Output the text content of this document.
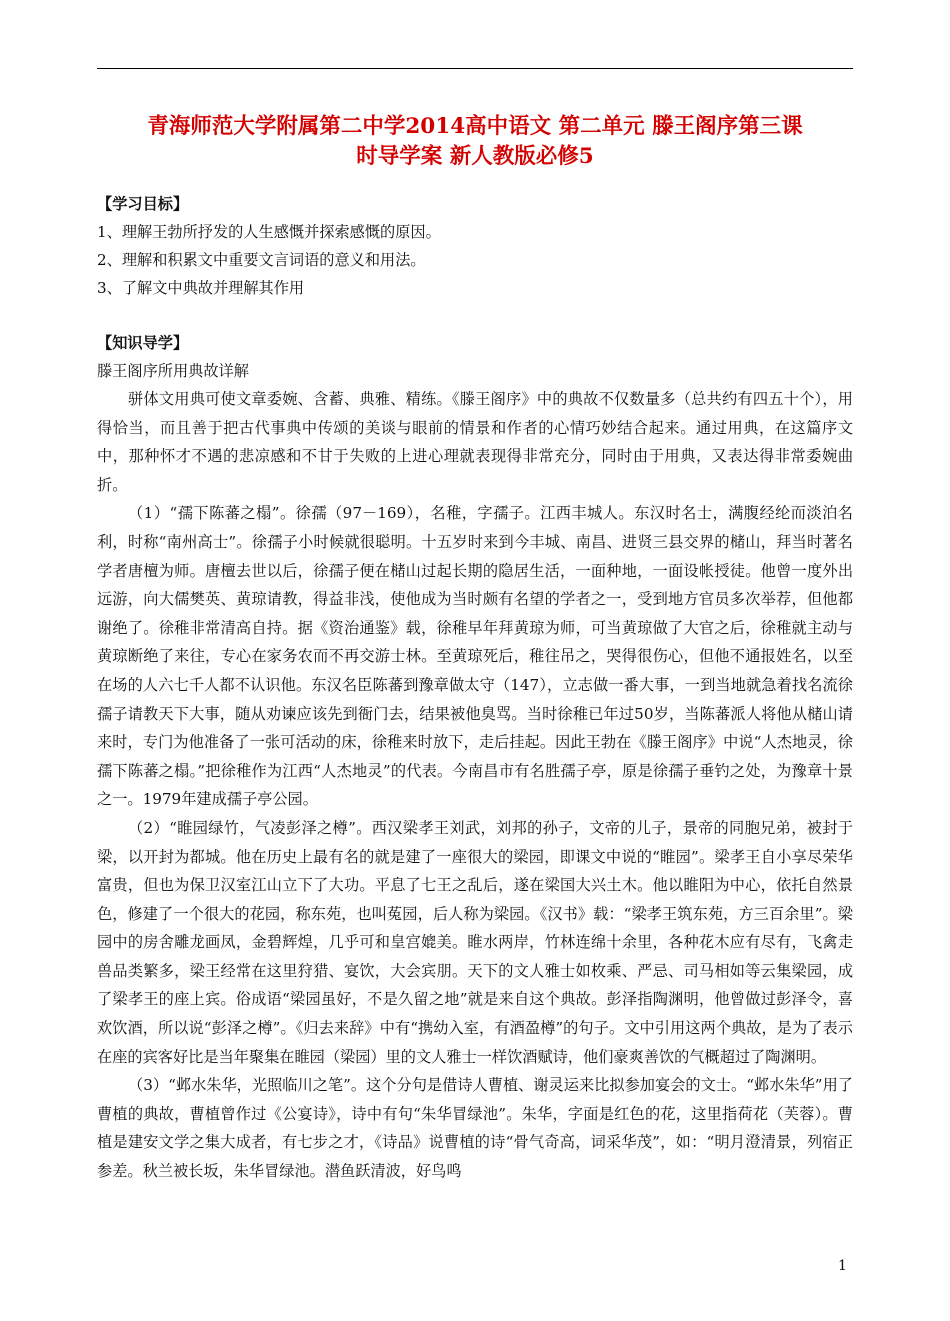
青海师范大学附属第二中学2014高中语文 第二单元 滕王阁序第三课
时导学案 新人教版必修5

【学习目标】

1、理解王勃所抒发的人生感慨并探索感慨的原因。

2、理解和积累文中重要文言词语的意义和用法。

3、了解文中典故并理解其作用

【知识导学】

滕王阁序所用典故详解

骈体文用典可使文章委婉、含蓄、典雅、精练。《滕王阁序》中的典故不仅数量多（总共约有四五十个），用得恰当，而且善于把古代事典中传颂的美谈与眼前的情景和作者的心情巧妙结合起来。通过用典，在这篇序文中，那种怀才不遇的悲凉感和不甘于失败的上进心理就表现得非常充分，同时由于用典，又表达得非常委婉曲折。

（1）“孺下陈蕃之榻”。徐孺（97－169），名稚，字孺子。江西丰城人。东汉时名士，满腹经纶而淡泊名利，时称“南州高士”。徐孺子小时候就很聪明。十五岁时来到今丰城、南昌、进贤三县交界的槠山，拜当时著名学者唐檀为师。唐檀去世以后，徐孺子便在槠山过起长期的隐居生活，一面种地，一面设帐授徒。他曾一度外出远游，向大儒樊英、黄琼请教，得益非浅，使他成为当时颇有名望的学者之一，受到地方官员多次举荐，但他都谢绝了。徐稚非常清高自持。据《资治通鉴》载，徐稚早年拜黄琼为师，可当黄琼做了大官之后，徐稚就主动与黄琼断绝了来往，专心在家务农而不再交游士林。至黄琼死后，稚往吊之，哭得很伤心，但他不通报姓名，以至在场的人六七千人都不认识他。东汉名臣陈蕃到豫章做太守（147），立志做一番大事，一到当地就急着找名流徐孺子请教天下大事，随从劝谏应该先到衙门去，结果被他臭骂。当时徐稚已年过50岁，当陈蕃派人将他从槠山请来时，专门为他准备了一张可活动的床，徐稚来时放下，走后挂起。因此王勃在《滕王阁序》中说“人杰地灵，徐孺下陈蕃之榻。”把徐稚作为江西“人杰地灵”的代表。今南昌市有名胜孺子亭，原是徐孺子垂钓之处，为豫章十景之一。1979年建成孺子亭公园。

（2）“睢园绿竹，气凌彭泽之樽”。西汉梁孝王刘武，刘邦的孙子，文帝的儿子，景帝的同胞兄弟，被封于梁，以开封为都城。他在历史上最有名的就是建了一座很大的梁园，即课文中说的“睢园”。梁孝王自小享尽荣华富贵，但也为保卫汉室江山立下了大功。平息了七王之乱后，遂在梁国大兴土木。他以睢阳为中心，依托自然景色，修建了一个很大的花园，称东苑，也叫菟园，后人称为梁园。《汉书》载：“梁孝王筑东苑，方三百余里”。梁园中的房舍雕龙画凤，金碧辉煌，几乎可和皇宫媲美。睢水两岸，竹林连绵十余里，各种花木应有尽有，飞禽走兽品类繁多，梁王经常在这里狩猎、宴饮，大会宾朋。天下的文人雅士如枚乘、严忌、司马相如等云集梁园，成了梁孝王的座上宾。俗成语“梁园虽好，不是久留之地”就是来自这个典故。彭泽指陶渊明，他曾做过彭泽令，喜欢饮酒，所以说“彭泽之樽”。《归去来辞》中有“携幼入室，有酒盈樽”的句子。文中引用这两个典故，是为了表示在座的宾客好比是当年聚集在睢园（梁园）里的文人雅士一样饮酒赋诗，他们豪爽善饮的气概超过了陶渊明。

（3）“邺水朱华，光照临川之笔”。这个分句是借诗人曹植、谢灵运来比拟参加宴会的文士。“邺水朱华”用了曹植的典故，曹植曾作过《公宴诗》，诗中有句“朱华冒绿池”。朱华，字面是红色的花，这里指荷花（芙蓉）。曹植是建安文学之集大成者，有七步之才，《诗品》说曹植的诗“骨气奇高，词采华茂”，如：“明月澄清景，列宿正参差。秋兰被长坂，朱华冒绿池。潜鱼跃清波，好鸟鸣

1
